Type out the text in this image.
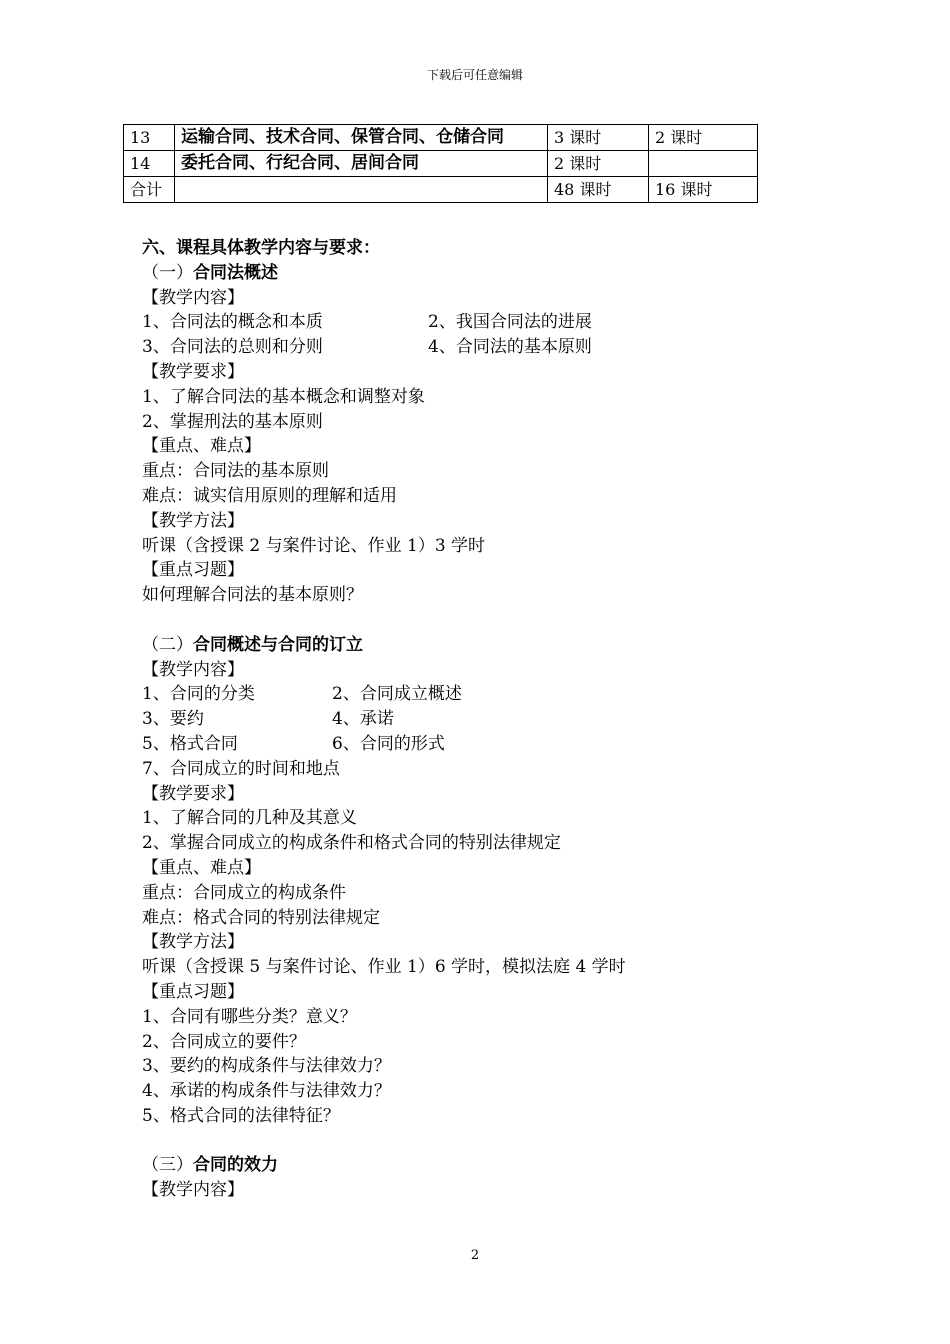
下载后可任意编辑
13	运输合同、技术合同、保管合同、仓储合同	3 课时	2 课时
14	委托合同、行纪合同、居间合同	2 课时	
合计		48 课时	16 课时
六、课程具体教学内容与要求：
（一）合同法概述
【教学内容】
1、合同法的概念和本质	2、我国合同法的进展
3、合同法的总则和分则	4、合同法的基本原则
【教学要求】
1、了解合同法的基本概念和调整对象
2、掌握刑法的基本原则
【重点、难点】
重点：合同法的基本原则
难点：诚实信用原则的理解和适用
【教学方法】
听课（含授课 2 与案件讨论、作业 1）3 学时
【重点习题】
如何理解合同法的基本原则？
（二）合同概述与合同的订立
【教学内容】
1、合同的分类	2、合同成立概述
3、要约	4、承诺
5、格式合同	6、合同的形式
7、合同成立的时间和地点
【教学要求】
1、了解合同的几种及其意义
2、掌握合同成立的构成条件和格式合同的特别法律规定
【重点、难点】
重点：合同成立的构成条件
难点：格式合同的特别法律规定
【教学方法】
听课（含授课 5 与案件讨论、作业 1）6 学时，模拟法庭 4 学时
【重点习题】
1、合同有哪些分类？意义？
2、合同成立的要件？
3、要约的构成条件与法律效力？
4、承诺的构成条件与法律效力？
5、格式合同的法律特征？
（三）合同的效力
【教学内容】
2
